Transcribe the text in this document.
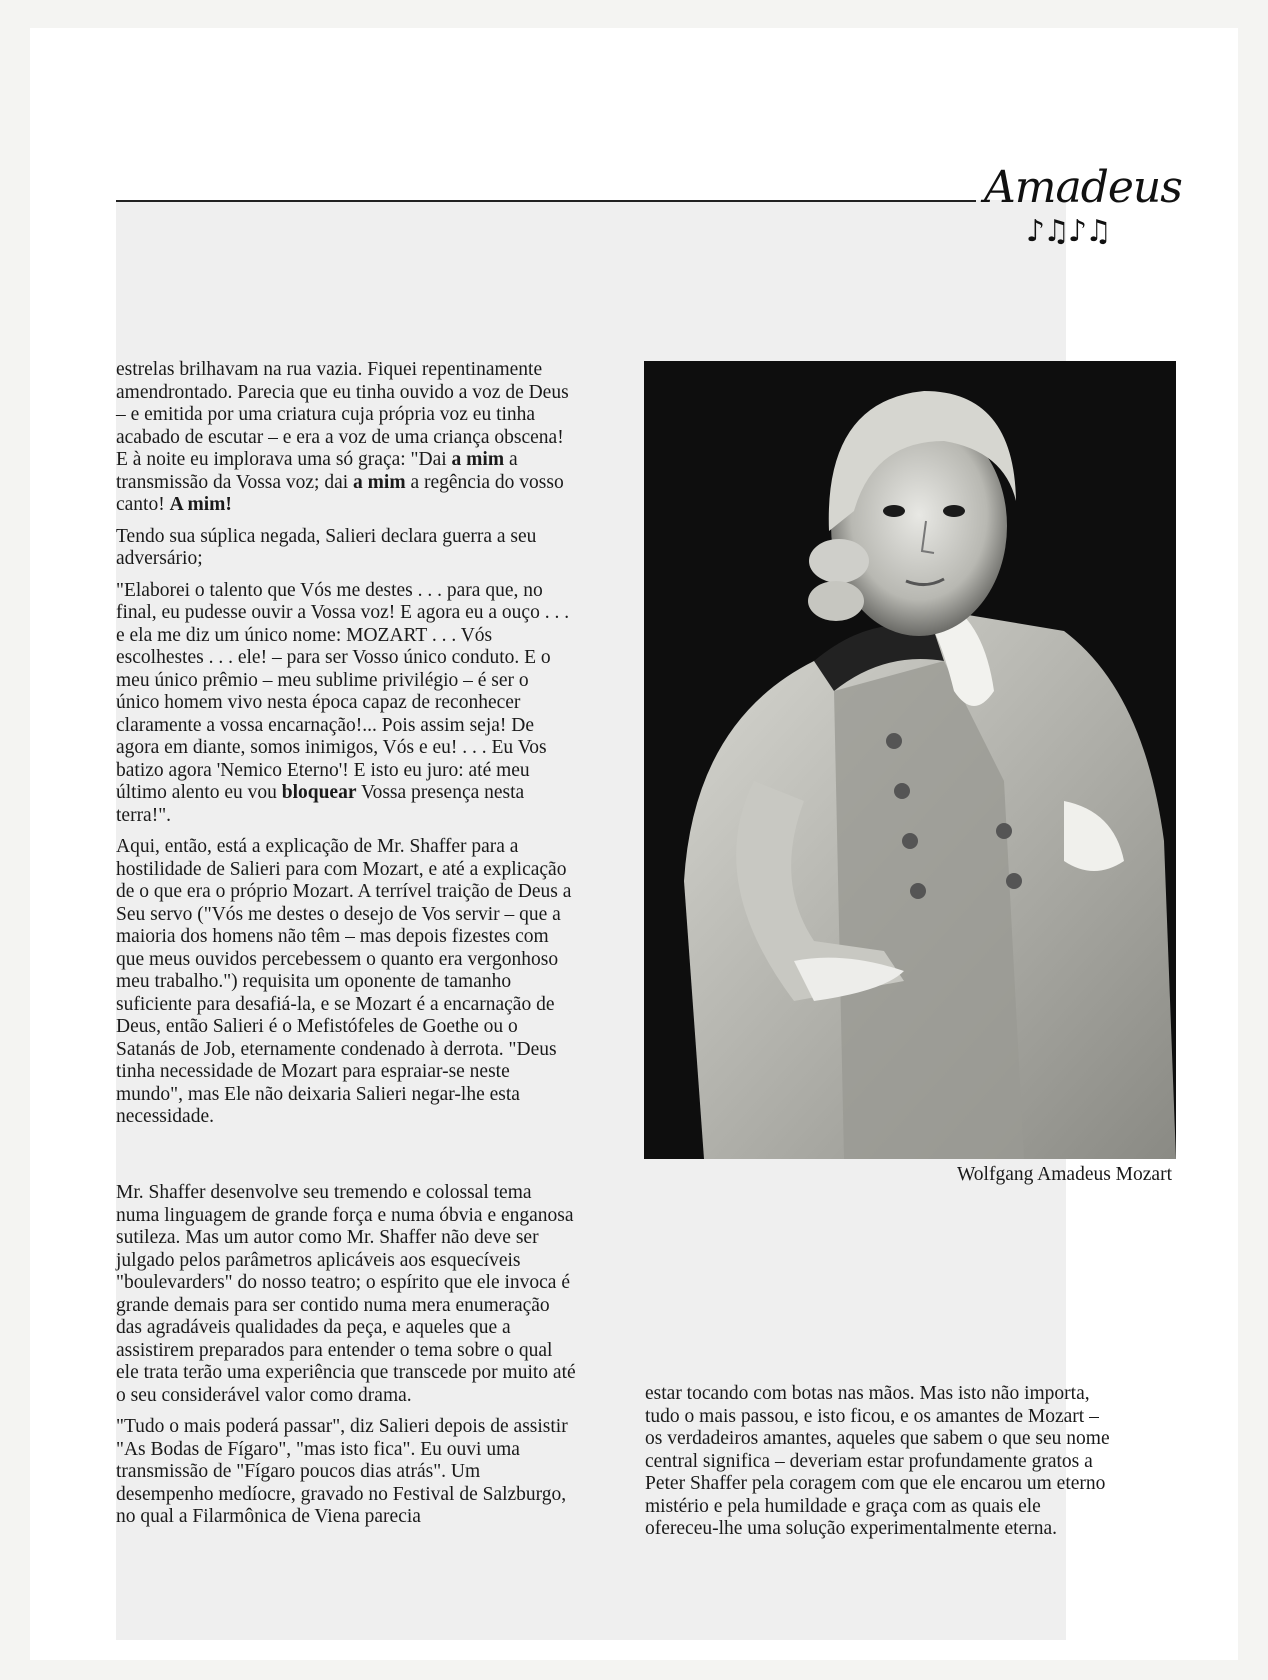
Amadeus
♪♫♪♫

estrelas brilhavam na rua vazia. Fiquei repentinamente amendrontado. Parecia que eu tinha ouvido a voz de Deus – e emitida por uma criatura cuja própria voz eu tinha acabado de escutar – e era a voz de uma criança obscena! E à noite eu implorava uma só graça: "Dai a mim a transmissão da Vossa voz; dai a mim a regência do vosso canto! A mim!

Tendo sua súplica negada, Salieri declara guerra a seu adversário;

"Elaborei o talento que Vós me destes . . . para que, no final, eu pudesse ouvir a Vossa voz! E agora eu a ouço . . . e ela me diz um único nome: MOZART . . . Vós escolhestes . . . ele! – para ser Vosso único conduto. E o meu único prêmio – meu sublime privilégio – é ser o único homem vivo nesta época capaz de reconhecer claramente a vossa encarnação!... Pois assim seja! De agora em diante, somos inimigos, Vós e eu! . . . Eu Vos batizo agora 'Nemico Eterno'! E isto eu juro: até meu último alento eu vou bloquear Vossa presença nesta terra!".

Aqui, então, está a explicação de Mr. Shaffer para a hostilidade de Salieri para com Mozart, e até a explicação de o que era o próprio Mozart. A terrível traição de Deus a Seu servo ("Vós me destes o desejo de Vos servir – que a maioria dos homens não têm – mas depois fizestes com que meus ouvidos percebessem o quanto era vergonhoso meu trabalho.") requisita um oponente de tamanho suficiente para desafiá-la, e se Mozart é a encarnação de Deus, então Salieri é o Mefistófeles de Goethe ou o Satanás de Job, eternamente condenado à derrota. "Deus tinha necessidade de Mozart para espraiar-se neste mundo", mas Ele não deixaria Salieri negar-lhe esta necessidade.

Mr. Shaffer desenvolve seu tremendo e colossal tema numa linguagem de grande força e numa óbvia e enganosa sutileza. Mas um autor como Mr. Shaffer não deve ser julgado pelos parâmetros aplicáveis aos esquecíveis "boulevarders" do nosso teatro; o espírito que ele invoca é grande demais para ser contido numa mera enumeração das agradáveis qualidades da peça, e aqueles que a assistirem preparados para entender o tema sobre o qual ele trata terão uma experiência que transcede por muito até o seu considerável valor como drama.

"Tudo o mais poderá passar", diz Salieri depois de assistir "As Bodas de Fígaro", "mas isto fica". Eu ouvi uma transmissão de "Fígaro poucos dias atrás". Um desempenho medíocre, gravado no Festival de Salzburgo, no qual a Filarmônica de Viena parecia

Wolfgang Amadeus Mozart

estar tocando com botas nas mãos. Mas isto não importa, tudo o mais passou, e isto ficou, e os amantes de Mozart – os verdadeiros amantes, aqueles que sabem o que seu nome central significa – deveriam estar profundamente gratos a Peter Shaffer pela coragem com que ele encarou um eterno mistério e pela humildade e graça com as quais ele ofereceu-lhe uma solução experimentalmente eterna.
